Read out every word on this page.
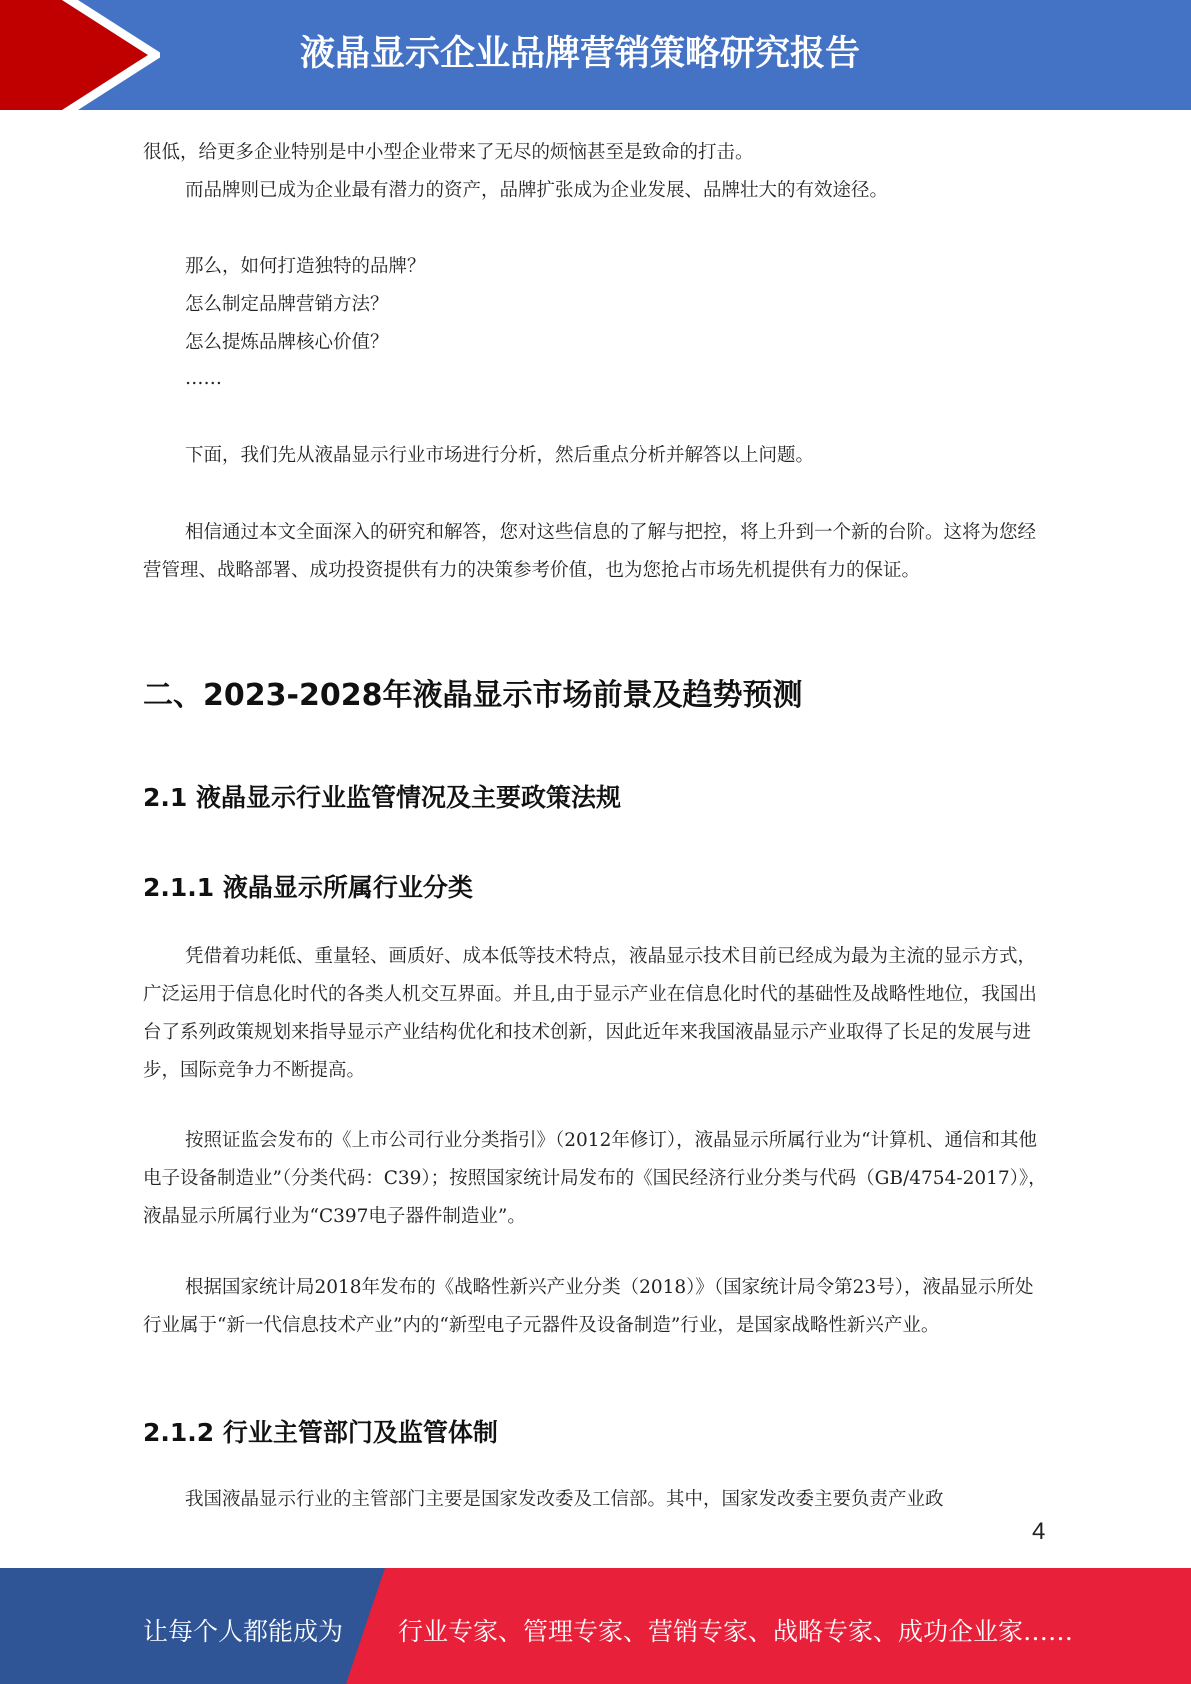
液晶显示企业品牌营销策略研究报告

很低，给更多企业特别是中小型企业带来了无尽的烦恼甚至是致命的打击。

而品牌则已成为企业最有潜力的资产，品牌扩张成为企业发展、品牌壮大的有效途径。

那么，如何打造独特的品牌？
怎么制定品牌营销方法？
怎么提炼品牌核心价值？
……

下面，我们先从液晶显示行业市场进行分析，然后重点分析并解答以上问题。

相信通过本文全面深入的研究和解答，您对这些信息的了解与把控，将上升到一个新的台阶。这将为您经营管理、战略部署、成功投资提供有力的决策参考价值，也为您抢占市场先机提供有力的保证。

二、2023-2028年液晶显示市场前景及趋势预测
2.1 液晶显示行业监管情况及主要政策法规
2.1.1 液晶显示所属行业分类

凭借着功耗低、重量轻、画质好、成本低等技术特点，液晶显示技术目前已经成为最为主流的显示方式，广泛运用于信息化时代的各类人机交互界面。并且,由于显示产业在信息化时代的基础性及战略性地位，我国出台了系列政策规划来指导显示产业结构优化和技术创新，因此近年来我国液晶显示产业取得了长足的发展与进步，国际竞争力不断提高。

按照证监会发布的《上市公司行业分类指引》（2012年修订），液晶显示所属行业为“计算机、通信和其他电子设备制造业”（分类代码：C39）；按照国家统计局发布的《国民经济行业分类与代码（GB/4754-2017）》，液晶显示所属行业为“C397电子器件制造业”。

根据国家统计局2018年发布的《战略性新兴产业分类（2018）》（国家统计局令第23号），液晶显示所处行业属于“新一代信息技术产业”内的“新型电子元器件及设备制造”行业，是国家战略性新兴产业。

2.1.2 行业主管部门及监管体制

我国液晶显示行业的主管部门主要是国家发改委及工信部。其中，国家发改委主要负责产业政

4
让每个人都能成为 行业专家、管理专家、营销专家、战略专家、成功企业家……
